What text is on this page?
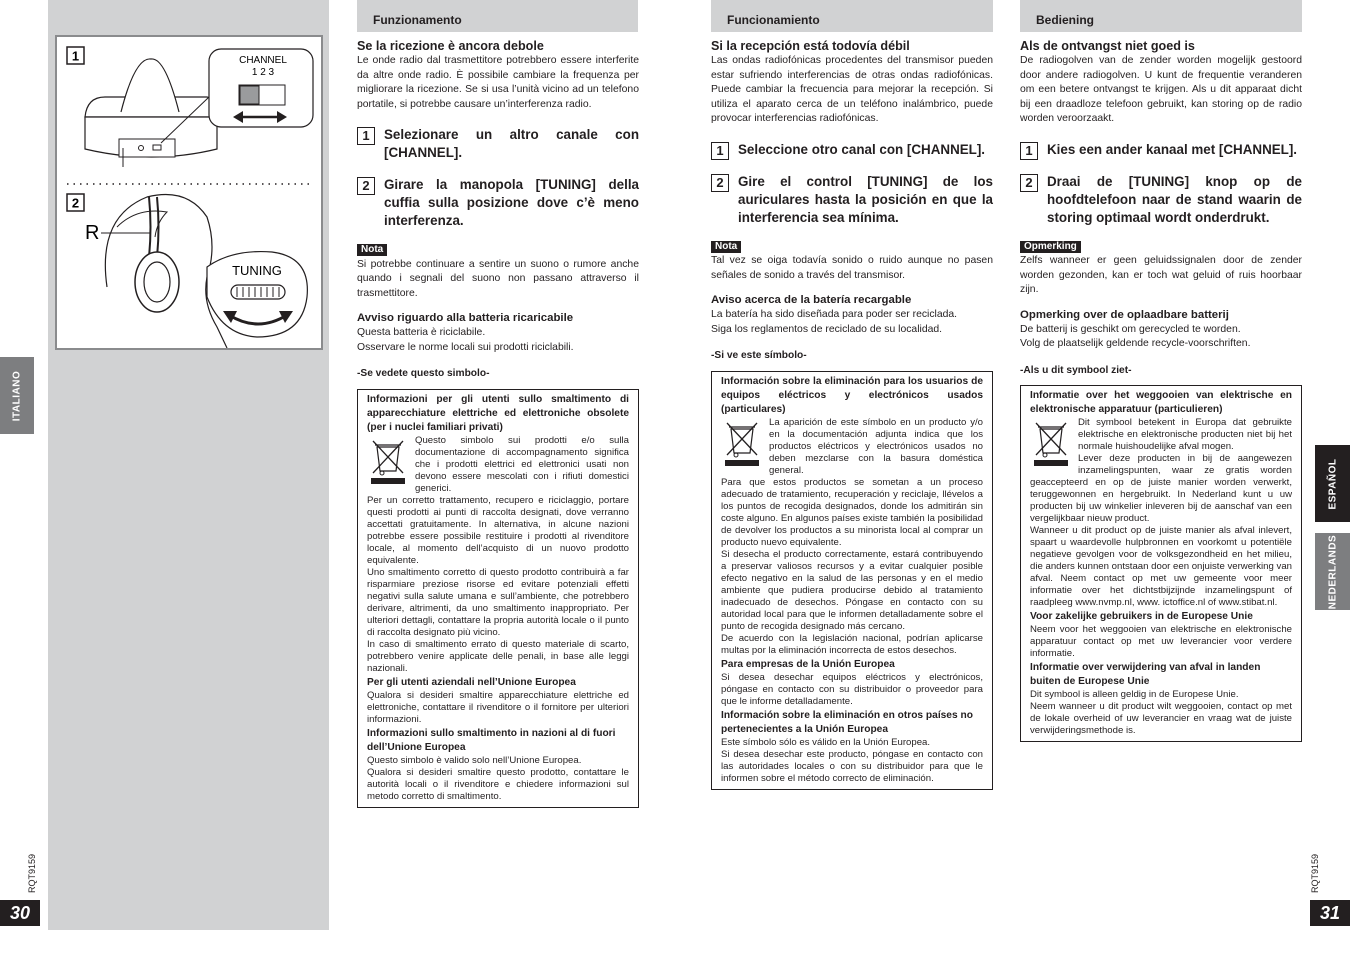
1	CHANNEL
1 2 3
2
R
TUNING
ITALIANO
RQT9159
30
Funzionamento
Se la ricezione è ancora debole

Le onde radio dal trasmettitore potrebbero essere interferite da altre onde radio. È possibile cambiare la frequenza per migliorare la ricezione. Se si usa l’unità vicino ad un telefono portatile, si potrebbe causare un’interferenza radio.

1	Selezionare un altro canale con [CHANNEL].
2	Girare la manopola [TUNING] della cuffia sulla posizione dove c’è meno interferenza.
Nota

Si potrebbe continuare a sentire un suono o rumore anche quando i segnali del suono non passano attraverso il trasmettitore.

Avviso riguardo alla batteria ricaricabile
Questa batteria è riciclabile.
Osservare le norme locali sui prodotti riciclabili.
-Se vedete questo simbolo-
Informazioni per gli utenti sullo smaltimento di apparecchiature elettriche ed elettroniche obsolete (per i nuclei familiari privati)

Questo simbolo sui prodotti e/o sulla documentazione di accompagnamento significa che i prodotti elettrici ed elettronici usati non devono essere mescolati con i rifiuti domestici generici.

Per un corretto trattamento, recupero e riciclaggio, portare questi prodotti ai punti di raccolta designati, dove verranno accettati gratuitamente. In alternativa, in alcune nazioni potrebbe essere possibile restituire i prodotti al rivenditore locale, al momento dell’acquisto di un nuovo prodotto equivalente.

Uno smaltimento corretto di questo prodotto contribuirà a far risparmiare preziose risorse ed evitare potenziali effetti negativi sulla salute umana e sull’ambiente, che potrebbero derivare, altrimenti, da uno smaltimento inappropriato. Per ulteriori dettagli, contattare la propria autorità locale o il punto di raccolta designato più vicino.

In caso di smaltimento errato di questo materiale di scarto, potrebbero venire applicate delle penali, in base alle leggi nazionali.

Per gli utenti aziendali nell’Unione Europea

Qualora si desideri smaltire apparecchiature elettriche ed elettroniche, contattare il rivenditore o il fornitore per ulteriori informazioni.

Informazioni sullo smaltimento in nazioni al di fuori dell’Unione Europea

Questo simbolo è valido solo nell’Unione Europea.

Qualora si desideri smaltire questo prodotto, contattare le autorità locali o il rivenditore e chiedere informazioni sul metodo corretto di smaltimento.

Funcionamiento
Si la recepción está todovía débil

Las ondas radiofónicas procedentes del transmisor pueden estar sufriendo interferencias de otras ondas radiofónicas. Puede cambiar la frecuencia para mejorar la recepción. Si utiliza el aparato cerca de un teléfono inalámbrico, puede provocar interferencias radiofónicas.

1	Seleccione otro canal con [CHANNEL].
2	Gire el control [TUNING] de los auriculares hasta la posición en que la interferencia sea mínima.
Nota

Tal vez se oiga todavía sonido o ruido aunque no pasen señales de sonido a través del transmisor.

Aviso acerca de la batería recargable
La batería ha sido diseñada para poder ser reciclada.
Siga los reglamentos de reciclado de su localidad.
-Si ve este símbolo-
Información sobre la eliminación para los usuarios de equipos eléctricos y electrónicos usados (particulares)

La aparición de este símbolo en un producto y/o en la documentación adjunta indica que los productos eléctricos y electrónicos usados no deben mezclarse con la basura doméstica general.

Para que estos productos se sometan a un proceso adecuado de tratamiento, recuperación y reciclaje, llévelos a los puntos de recogida designados, donde los admitirán sin coste alguno. En algunos países existe también la posibilidad de devolver los productos a su minorista local al comprar un producto nuevo equivalente.

Si desecha el producto correctamente, estará contribuyendo a preservar valiosos recursos y a evitar cualquier posible efecto negativo en la salud de las personas y en el medio ambiente que pudiera producirse debido al tratamiento inadecuado de desechos. Póngase en contacto con su autoridad local para que le informen detalladamente sobre el punto de recogida designado más cercano.

De acuerdo con la legislación nacional, podrían aplicarse multas por la eliminación incorrecta de estos desechos.

Para empresas de la Unión Europea

Si desea desechar equipos eléctricos y electrónicos, póngase en contacto con su distribuidor o proveedor para que le informe detalladamente.

Información sobre la eliminación en otros países no pertenecientes a la Unión Europea

Este símbolo sólo es válido en la Unión Europea.

Si desea desechar este producto, póngase en contacto con las autoridades locales o con su distribuidor para que le informen sobre el método correcto de eliminación.

Bediening
Als de ontvangst niet goed is

De radiogolven van de zender worden mogelijk gestoord door andere radiogolven. U kunt de frequentie veranderen om een betere ontvangst te krijgen. Als u dit apparaat dicht bij een draadloze telefoon gebruikt, kan storing op de radio worden veroorzaakt.

1	Kies een ander kanaal met [CHANNEL].
2	Draai de [TUNING] knop op de hoofdtelefoon naar de stand waarin de storing optimaal wordt onderdrukt.
Opmerking

Zelfs wanneer er geen geluidssignalen door de zender worden gezonden, kan er toch wat geluid of ruis hoorbaar zijn.

Opmerking over de oplaadbare batterij
De batterij is geschikt om gerecycled te worden.
Volg de plaatselijk geldende recycle-voorschriften.
-Als u dit symbool ziet-
Informatie over het weggooien van elektrische en elektronische apparatuur (particulieren)

Dit symbool betekent in Europa dat gebruikte elektrische en elektronische producten niet bij het normale huishoudelijke afval mogen.

Lever deze producten in bij de aangewezen inzamelingspunten, waar ze gratis worden geaccepteerd en op de juiste manier worden verwerkt, teruggewonnen en hergebruikt. In Nederland kunt u uw producten bij uw winkelier inleveren bij de aanschaf van een vergelijkbaar nieuw product.

Wanneer u dit product op de juiste manier als afval inlevert, spaart u waardevolle hulpbronnen en voorkomt u potentiële negatieve gevolgen voor de volksgezondheid en het milieu, die anders kunnen ontstaan door een onjuiste verwerking van afval. Neem contact op met uw gemeente voor meer informatie over het dichtstbijzijnde inzamelingspunt of raadpleeg www.nvmp.nl, www. ictoffice.nl of www.stibat.nl.

Voor zakelijke gebruikers in de Europese Unie

Neem voor het weggooien van elektrische en elektronische apparatuur contact op met uw leverancier voor verdere informatie.

Informatie over verwijdering van afval in landen buiten de Europese Unie

Dit symbool is alleen geldig in de Europese Unie.

Neem wanneer u dit product wilt weggooien, contact op met de lokale overheid of uw leverancier en vraag wat de juiste verwijderingsmethode is.

ESPAÑOL
NEDERLANDS
RQT9159
31
